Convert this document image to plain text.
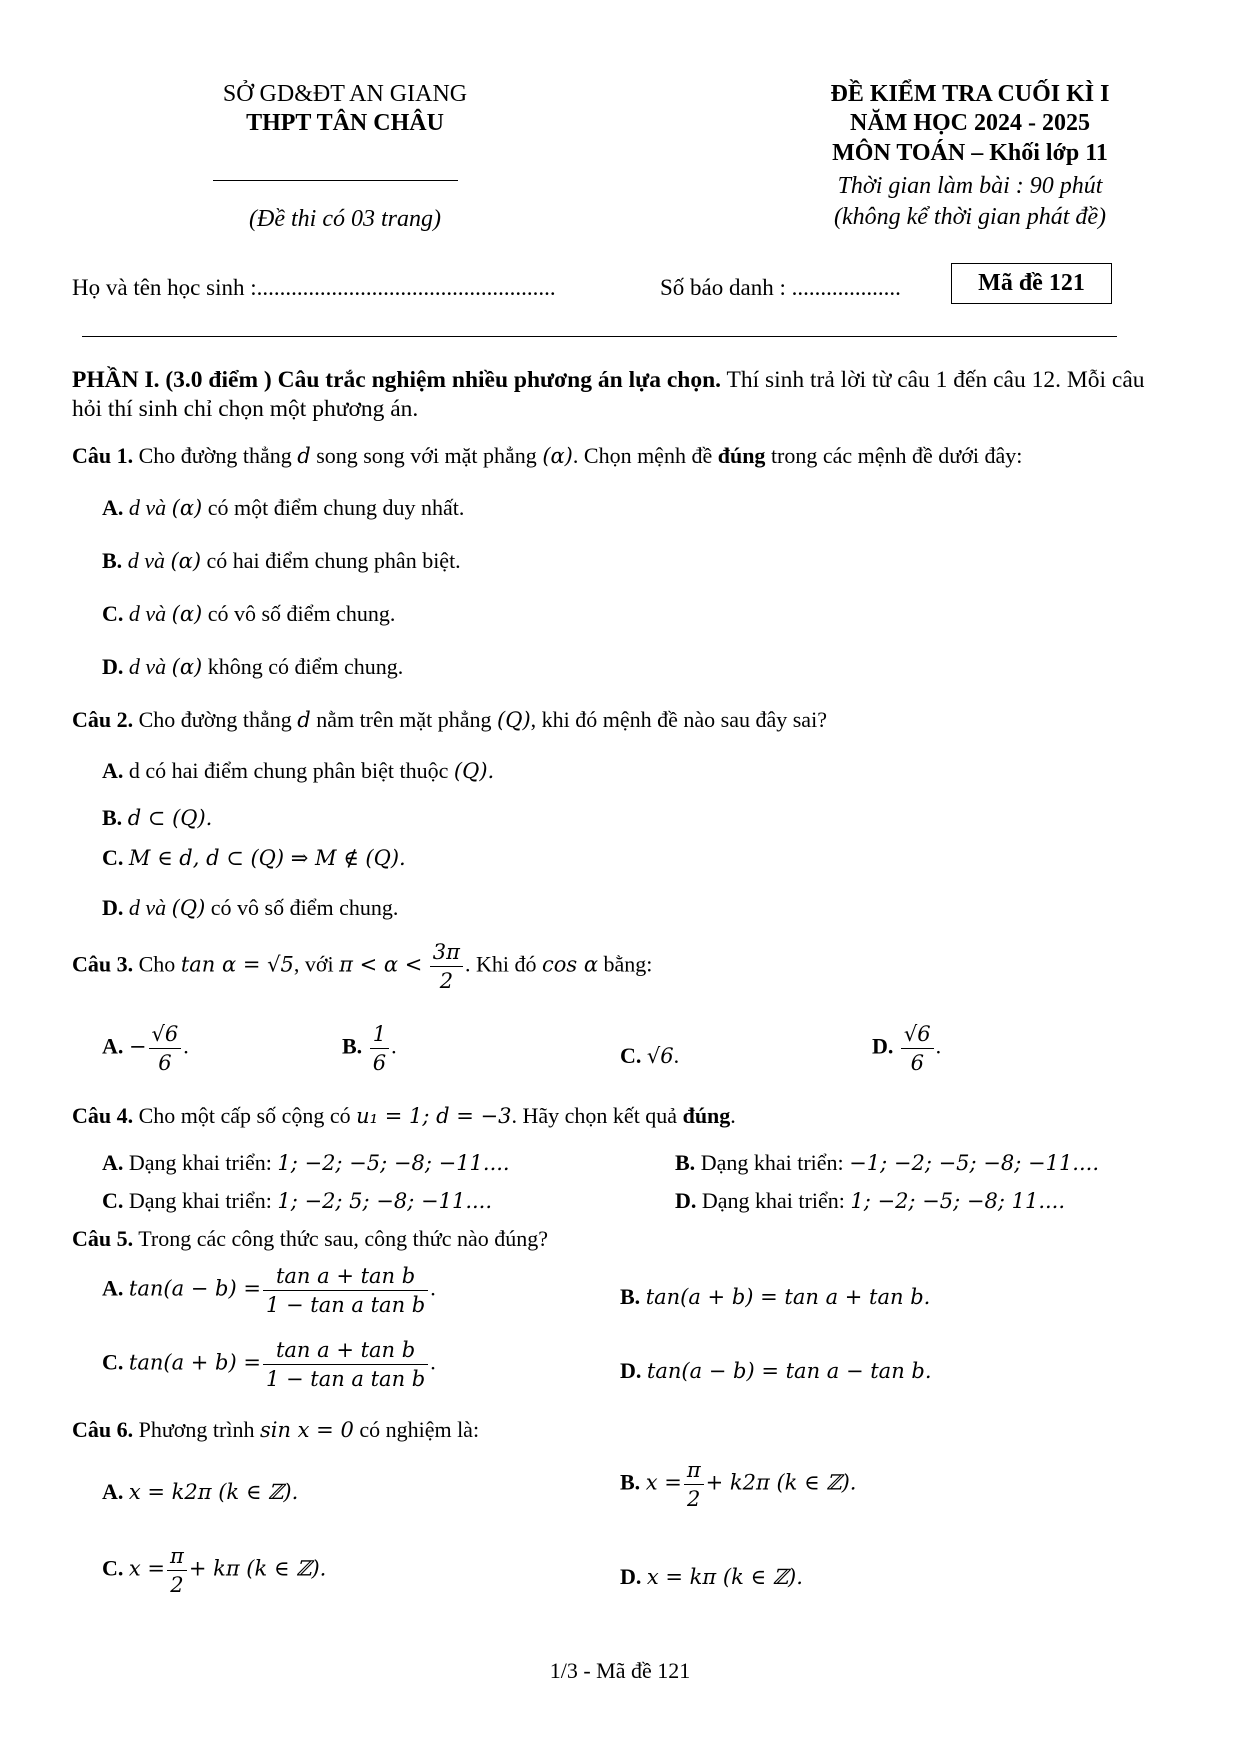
SỞ GD&ĐT AN GIANG
THPT TÂN CHÂU
(Đề thi có 03 trang)
ĐỀ KIỂM TRA CUỐI KÌ I
NĂM HỌC 2024 - 2025
MÔN TOÁN – Khối lớp 11
Thời gian làm bài : 90 phút
(không kể thời gian phát đề)
Họ và tên học sinh :....................................................	Số báo danh : ...................	Mã đề 121
PHẦN I. (3.0 điểm ) Câu trắc nghiệm nhiều phương án lựa chọn. Thí sinh trả lời từ câu 1 đến câu 12. Mỗi câu hỏi thí sinh chỉ chọn một phương án.
Câu 1. Cho đường thẳng d song song với mặt phẳng (α). Chọn mệnh đề đúng trong các mệnh đề dưới đây:
A. d và (α) có một điểm chung duy nhất.
B. d và (α) có hai điểm chung phân biệt.
C. d và (α) có vô số điểm chung.
D. d và (α) không có điểm chung.
Câu 2. Cho đường thẳng d nằm trên mặt phẳng (Q), khi đó mệnh đề nào sau đây sai?
A. d có hai điểm chung phân biệt thuộc (Q).
B. d ⊂ (Q).
C. M ∈ d, d ⊂ (Q) ⇒ M ∉ (Q).
D. d và (Q) có vô số điểm chung.
Câu 3. Cho tan α = √5, với $\pi < \alpha < \frac{3\pi}{2}$ . Khi đó cos α bằng:
A. − $\frac{√6}{6}$ .	B. $\frac{1}{6}$ .	C. √6.	D. $\frac{√6}{6}$ .
Câu 4. Cho một cấp số cộng có u₁ = 1; d = −3. Hãy chọn kết quả đúng.
A. Dạng khai triển: 1; −2; −5; −8; −11....	B. Dạng khai triển: −1; −2; −5; −8; −11....
C. Dạng khai triển: 1; −2; 5; −8; −11....	D. Dạng khai triển: 1; −2; −5; −8; 11....
Câu 5. Trong các công thức sau, công thức nào đúng?
A. $\tan(a - b) = \frac{\text{tan a + tan b}}{\text{1 − tan a tan b}}$ .	B. tan(a + b) = tan a + tan b.
C. $\tan(a + b) = \frac{\text{tan a + tan b}}{\text{1 − tan a tan b}}$ .	D. tan(a − b) = tan a − tan b.
Câu 6. Phương trình sin x = 0 có nghiệm là:
A. x = k2π (k ∈ ℤ).	B. $x = \frac{\pi}{2} + k2\pi$ (k ∈ ℤ).
C. $x = \frac{\pi}{2} + k\pi$ (k ∈ ℤ).	D. x = kπ (k ∈ ℤ).
1/3 - Mã đề 121
